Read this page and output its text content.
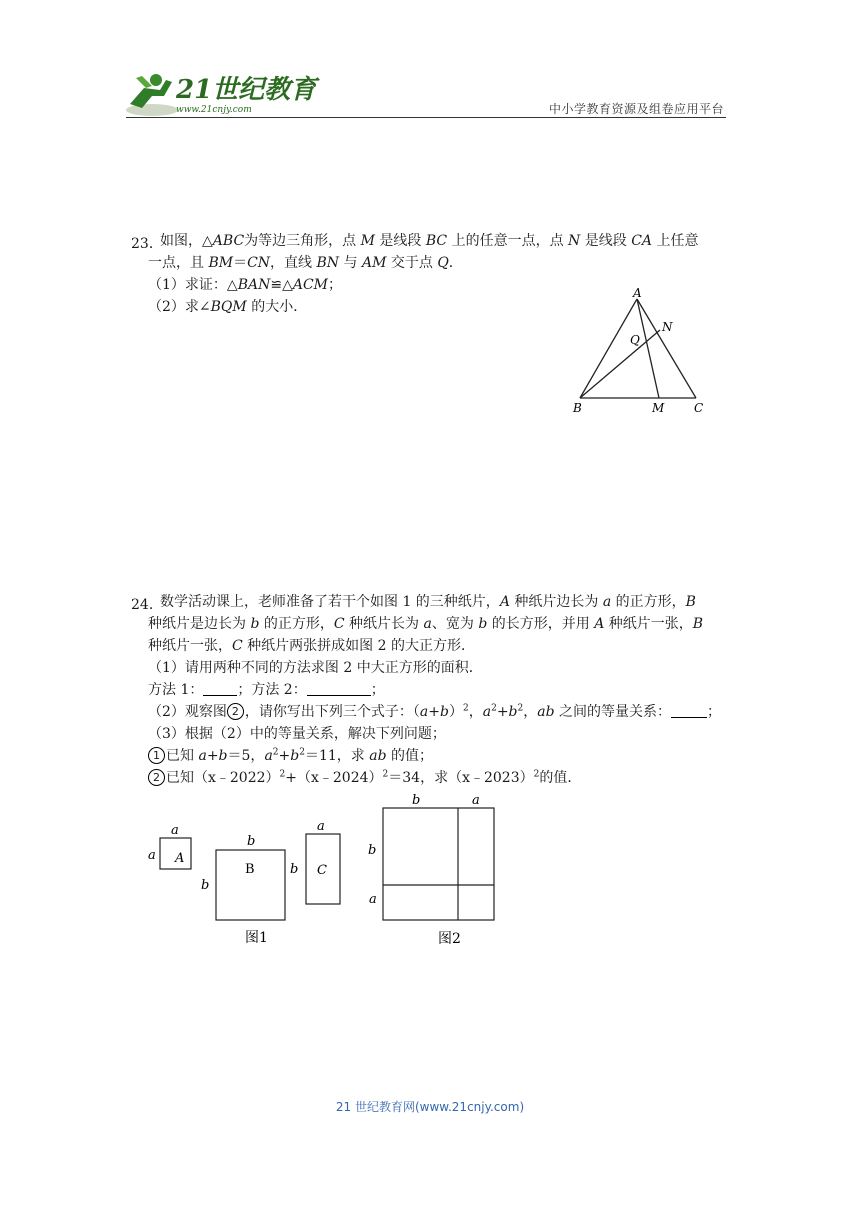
21世纪教育
www.21cnjy.com	中小学教育资源及组卷应用平台
23．
如图，△ABC为等边三角形，点 M 是线段 BC 上的任意一点，点 N 是线段 CA 上任意
一点，且 BM＝CN，直线 BN 与 AM 交于点 Q．
（1）求证：△BAN≌△ACM；
（2）求∠BQM 的大小．
A
N
Q
B	M C
24．
数学活动课上，老师准备了若干个如图 1 的三种纸片，A 种纸片边长为 a 的正方形，B
种纸片是边长为 b 的正方形，C 种纸片长为 a、宽为 b 的长方形，并用 A 种纸片一张，B
种纸片一张，C 种纸片两张拼成如图 2 的大正方形．
（1）请用两种不同的方法求图 2 中大正方形的面积．
方法 1： ；方法 2：	；
（2）观察图 2 ，请你写出下列三个式子：$(a+b)^2$，$a^2+b^2$，ab 之间的等量关系：	；
（3）根据（2）中的等量关系，解决下列问题；
1 已知 a+b＝5，$a^2+b^2=11$，求 ab 的值；
2 已知（x﹣2022）$^2$+（x﹣2024）$^2$＝34，求（x﹣2023）$^2$的值．
a
a A
b
b
B
a
b C
图1
b	a
b
a
图2
21 世纪教育网(www.21cnjy.com)
